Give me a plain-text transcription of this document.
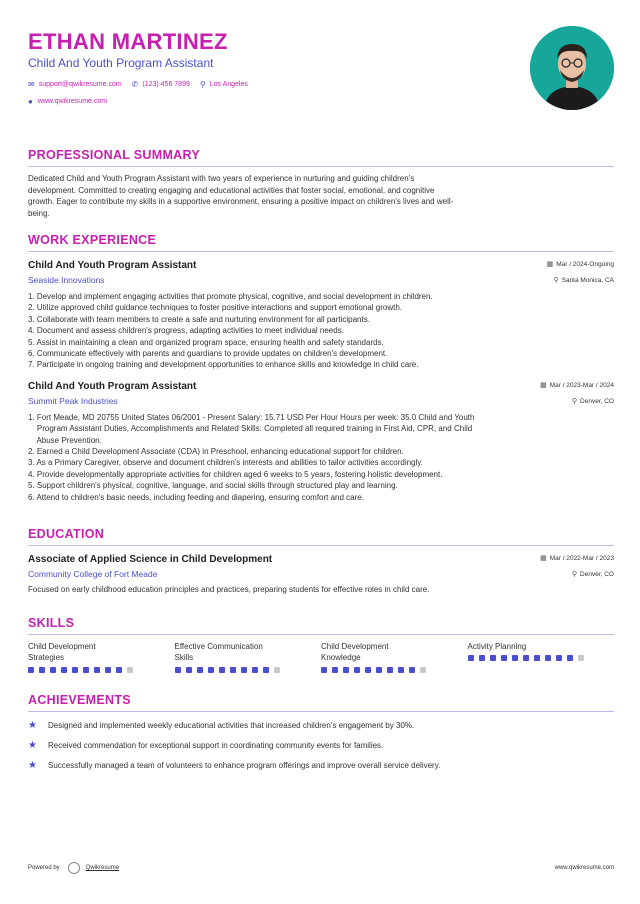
ETHAN MARTINEZ
Child And Youth Program Assistant
✉ support@qwikresume.com ✆ (123) 456 7899 ⚲ Los Angeles
● www.qwikresume.com
PROFESSIONAL SUMMARY
Dedicated Child and Youth Program Assistant with two years of experience in nurturing and guiding children's
development. Committed to creating engaging and educational activities that foster social, emotional, and cognitive
growth. Eager to contribute my skills in a supportive environment, ensuring a positive impact on children's lives and well-
being.
WORK EXPERIENCE
Child And Youth Program Assistant	▦ Mar / 2024-Ongoing
Seaside Innovations	⚲ Santa Monica, CA
1. Develop and implement engaging activities that promote physical, cognitive, and social development in children.
2. Utilize approved child guidance techniques to foster positive interactions and support emotional growth.
3. Collaborate with team members to create a safe and nurturing environment for all participants.
4. Document and assess children's progress, adapting activities to meet individual needs.
5. Assist in maintaining a clean and organized program space, ensuring health and safety standards.
6. Communicate effectively with parents and guardians to provide updates on children's development.
7. Participate in ongoing training and development opportunities to enhance skills and knowledge in child care.
Child And Youth Program Assistant	▦ Mar / 2023-Mar / 2024
Summit Peak Industries	⚲ Denver, CO
1. Fort Meade, MD 20755 United States 06/2001 - Present Salary: 15.71 USD Per Hour Hours per week: 35.0 Child and Youth
Program Assistant Duties, Accomplishments and Related Skills: Completed all required training in First Aid, CPR, and Child
Abuse Prevention.
2. Earned a Child Development Associate (CDA) in Preschool, enhancing educational support for children.
3. As a Primary Caregiver, observe and document children's interests and abilities to tailor activities accordingly.
4. Provide developmentally appropriate activities for children aged 6 weeks to 5 years, fostering holistic development.
5. Support children's physical, cognitive, language, and social skills through structured play and learning.
6. Attend to children's basic needs, including feeding and diapering, ensuring comfort and care.
EDUCATION
Associate of Applied Science in Child Development	▦ Mar / 2022-Mar / 2023
Community College of Fort Meade	⚲ Denver, CO
Focused on early childhood education principles and practices, preparing students for effective roles in child care.
SKILLS
Child Development
Strategies
Effective Communication
Skills
Child Development
Knowledge
Activity Planning
ACHIEVEMENTS
★	Designed and implemented weekly educational activities that increased children's engagement by 30%.
★	Received commendation for exceptional support in coordinating community events for families.
★	Successfully managed a team of volunteers to enhance program offerings and improve overall service delivery.
Powered by	Qwikresume	www.qwikresume.com
